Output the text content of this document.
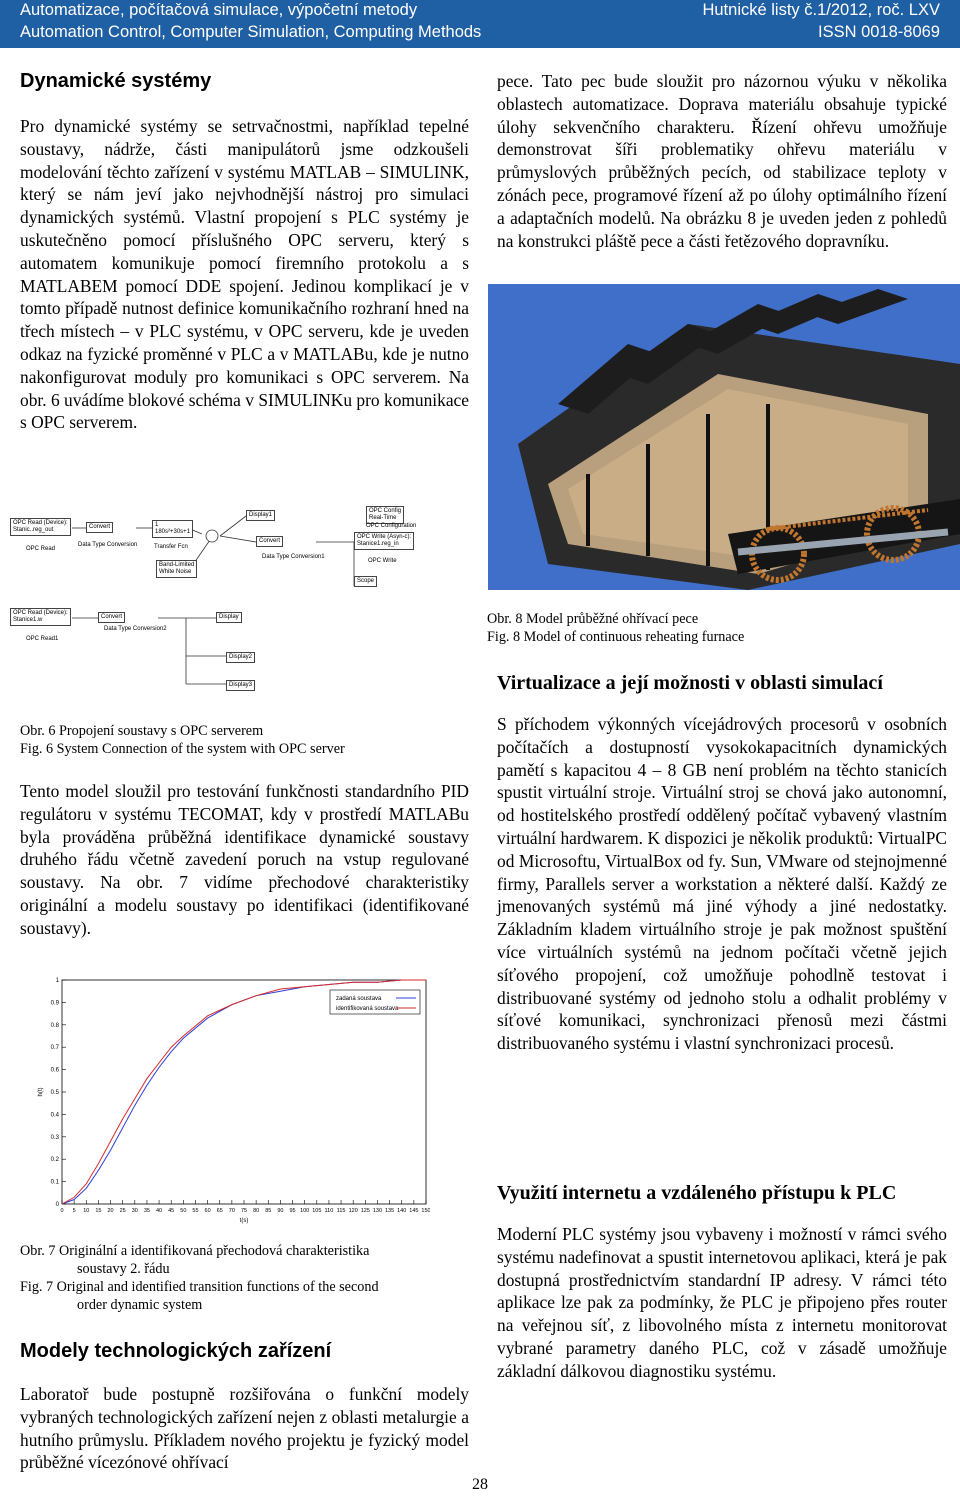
Automatizace, počítačová simulace, výpočetní metody
Automation Control, Computer Simulation, Computing Methods
Hutnické listy č.1/2012, roč. LXV
ISSN 0018-8069

Dynamické systémy

Pro dynamické systémy se setrvačnostmi, například tepelné soustavy, nádrže, části manipulátorů jsme odzkoušeli modelování těchto zařízení v systému MATLAB – SIMULINK, který se nám jeví jako nejvhodnější nástroj pro simulaci dynamických systémů. Vlastní propojení s PLC systémy je uskutečněno pomocí příslušného OPC serveru, který s automatem komunikuje pomocí firemního protokolu a s MATLABEM pomocí DDE spojení. Jedinou komplikací je v tomto případě nutnost definice komunikačního rozhraní hned na třech místech – v PLC systému, v OPC serveru, kde je uveden odkaz na fyzické proměnné v PLC a v MATLABu, kde je nutno nakonfigurovat moduly pro komunikaci s OPC serverem. Na obr. 6 uvádíme blokové schéma v SIMULINKu pro komunikace s OPC serverem.

OPC Read (Device):
Stanic..reg_out
OPC Read
Convert
Data Type Conversion
1
180s²+30s+1
Transfer Fcn
Band-Limited
White Noise
Display1
Convert
Data Type Conversion1
OPC Config
Real-Time
OPC Configuration
OPC Write (Asyn-c):
Stanice1.reg_in
OPC Write
Scope
OPC Read (Device):
Stanice1.w
OPC Read1
Convert
Data Type Conversion2
Display
Display2
Display3

Obr. 6 Propojení soustavy s OPC serverem

Fig. 6 System Connection of the system with OPC server

Tento model sloužil pro testování funkčnosti standardního PID regulátoru v systému TECOMAT, kdy v prostředí MATLABu byla prováděna průběžná identifikace dynamické soustavy druhého řádu včetně zavedení poruch na vstup regulované soustavy. Na obr. 7 vidíme přechodové charakteristiky originální a modelu soustavy po identifikaci (identifikované soustavy).

0
0.1
0.2
0.3
0.4
0.5
0.6
0.7
0.8
0.9
1
0 5 10 15 20 25 30 35 40 45 50 55 60 65 70 75 80 85 90 95 100 105 110 115 120 125 130 135 140 145 150
t(s)
h(t)
zadaná soustava
identifikovaná soustava

Obr. 7 Originální a identifikovaná přechodová charakteristika

soustavy 2. řádu

Fig. 7 Original and identified transition functions of the second

order dynamic system

Modely technologických zařízení

Laboratoř bude postupně rozšiřována o funkční modely vybraných technologických zařízení nejen z oblasti metalurgie a hutního průmyslu. Příkladem nového projektu je fyzický model průběžné vícezónové ohřívací

pece. Tato pec bude sloužit pro názornou výuku v několika oblastech automatizace. Doprava materiálu obsahuje typické úlohy sekvenčního charakteru. Řízení ohřevu umožňuje demonstrovat šíři problematiky ohřevu materiálu v průmyslových průběžných pecích, od stabilizace teploty v zónách pece, programové řízení až po úlohy optimálního řízení a adaptačních modelů. Na obrázku 8 je uveden jeden z pohledů na konstrukci pláště pece a části řetězového dopravníku.

Obr. 8 Model průběžné ohřívací pece

Fig. 8 Model of continuous reheating furnace

Virtualizace a její možnosti v oblasti simulací

S příchodem výkonných vícejádrových procesorů v osobních počítačích a dostupností vysokokapacitních dynamických pamětí s kapacitou 4 – 8 GB není problém na těchto stanicích spustit virtuální stroje. Virtuální stroj se chová jako autonomní, od hostitelského prostředí oddělený počítač vybavený vlastním virtuální hardwarem. K dispozici je několik produktů: VirtualPC od Microsoftu, VirtualBox od fy. Sun, VMware od stejnojmenné firmy, Parallels server a workstation a některé další. Každý ze jmenovaných systémů má jiné výhody a jiné nedostatky. Základním kladem virtuálního stroje je pak možnost spuštění více virtuálních systémů na jednom počítači včetně jejich síťového propojení, což umožňuje pohodlně testovat i distribuované systémy od jednoho stolu a odhalit problémy v síťové komunikaci, synchronizaci přenosů mezi částmi distribuovaného systému i vlastní synchronizaci procesů.

Využití internetu a vzdáleného přístupu k PLC

Moderní PLC systémy jsou vybaveny i možností v rámci svého systému nadefinovat a spustit internetovou aplikaci, která je pak dostupná prostřednictvím standardní IP adresy. V rámci této aplikace lze pak za podmínky, že PLC je připojeno přes router na veřejnou síť, z libovolného místa z internetu monitorovat vybrané parametry daného PLC, což v zásadě umožňuje základní dálkovou diagnostiku systému.

28
